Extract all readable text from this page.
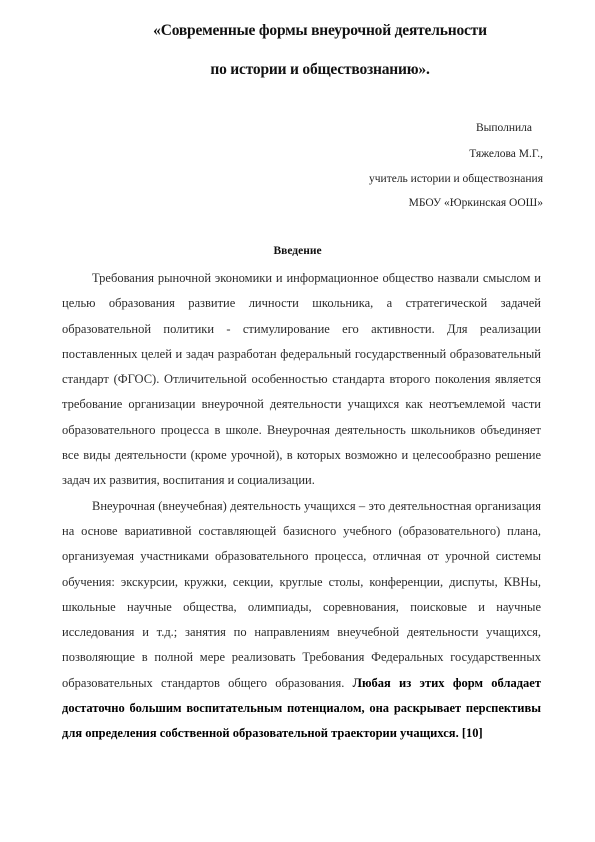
«Современные формы внеурочной деятельности
по истории и обществознанию».
Выполнила
Тяжелова М.Г.,
учитель истории и обществознания
МБОУ «Юркинская ООШ»
Введение

Требования рыночной экономики и информационное общество назвали смыслом и целью образования развитие личности школьника, а стратегической задачей образовательной политики - стимулирование его активности. Для реализации поставленных целей и задач разработан федеральный государственный образовательный стандарт (ФГОС). Отличительной особенностью стандарта второго поколения является требование организации внеурочной деятельности учащихся как неотъемлемой части образовательного процесса в школе. Внеурочная деятельность школьников объединяет все виды деятельности (кроме урочной), в которых возможно и целесообразно решение задач их развития, воспитания и социализации.

Внеурочная (внеучебная) деятельность учащихся – это деятельностная организация на основе вариативной составляющей базисного учебного (образовательного) плана, организуемая участниками образовательного процесса, отличная от урочной системы обучения: экскурсии, кружки, секции, круглые столы, конференции, диспуты, КВНы, школьные научные общества, олимпиады, соревнования, поисковые и научные исследования и т.д.; занятия по направлениям внеучебной деятельности учащихся, позволяющие в полной мере реализовать Требования Федеральных государственных образовательных стандартов общего образования. Любая из этих форм обладает достаточно большим воспитательным потенциалом, она раскрывает перспективы для определения собственной образовательной траектории учащихся. [10]
